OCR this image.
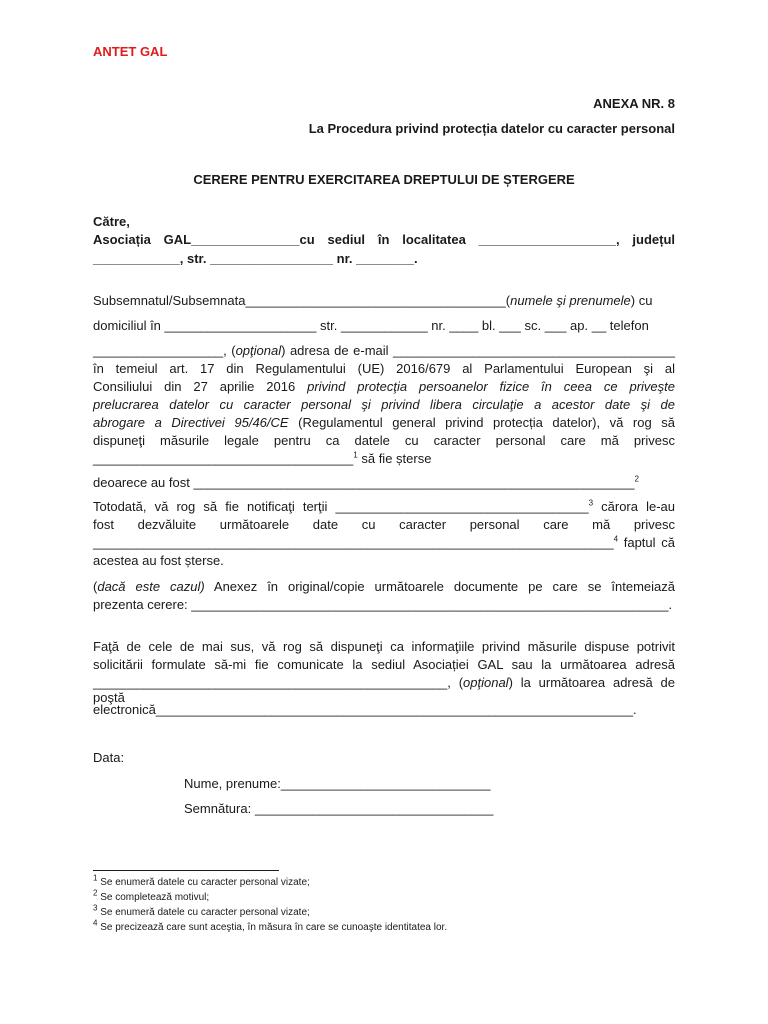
ANTET GAL
ANEXA NR. 8
La Procedura privind protecția datelor cu caracter personal
CERERE PENTRU EXERCITAREA DREPTULUI DE ȘTERGERE
Către,
Asociația GAL_______________cu sediul în localitatea ___________________, județul
____________, str. _________________ nr. ________.
Subsemnatul/Subsemnata____________________________________(numele şi prenumele) cu
domiciliul în _____________________ str. ____________ nr. ____ bl. ___ sc. ___ ap. __ telefon
__________________, (opţional) adresa de e-mail _______________________________________
în temeiul art. 17 din Regulamentului (UE) 2016/679 al Parlamentului European şi al
Consiliului din 27 aprilie 2016 privind protecţia persoanelor fizice în ceea ce priveşte
prelucrarea datelor cu caracter personal şi privind libera circulaţie a acestor date şi de
abrogare a Directivei 95/46/CE (Regulamentul general privind protecția datelor), vă rog să
dispuneţi măsurile legale pentru ca datele cu caracter personal care mă privesc
____________________________________$^1$ să fie șterse
deoarece au fost _____________________________________________________________$^2$
Totodată, vă rog să fie notificaţi terţii ___________________________________$^3$ cărora le-au
fost dezvăluite următoarele date cu caracter personal care mă privesc
________________________________________________________________________$^4$ faptul că
acestea au fost șterse.
(dacă este cazul) Anexez în original/copie următoarele documente pe care se întemeiază
prezenta cerere: __________________________________________________________________.
Faţă de cele de mai sus, vă rog să dispuneţi ca informaţiile privind măsurile dispuse potrivit
solicitării formulate să-mi fie comunicate la sediul Asociației GAL sau la următoarea adresă
_________________________________________________, (opţional) la următoarea adresă de poştă
electronică__________________________________________________________________.
Data:
Nume, prenume:_____________________________
Semnătura: _________________________________
$^1$ Se enumeră datele cu caracter personal vizate;
$^2$ Se completează motivul;
$^3$ Se enumeră datele cu caracter personal vizate;
$^4$ Se precizează care sunt aceştia, în măsura în care se cunoaşte identitatea lor.
